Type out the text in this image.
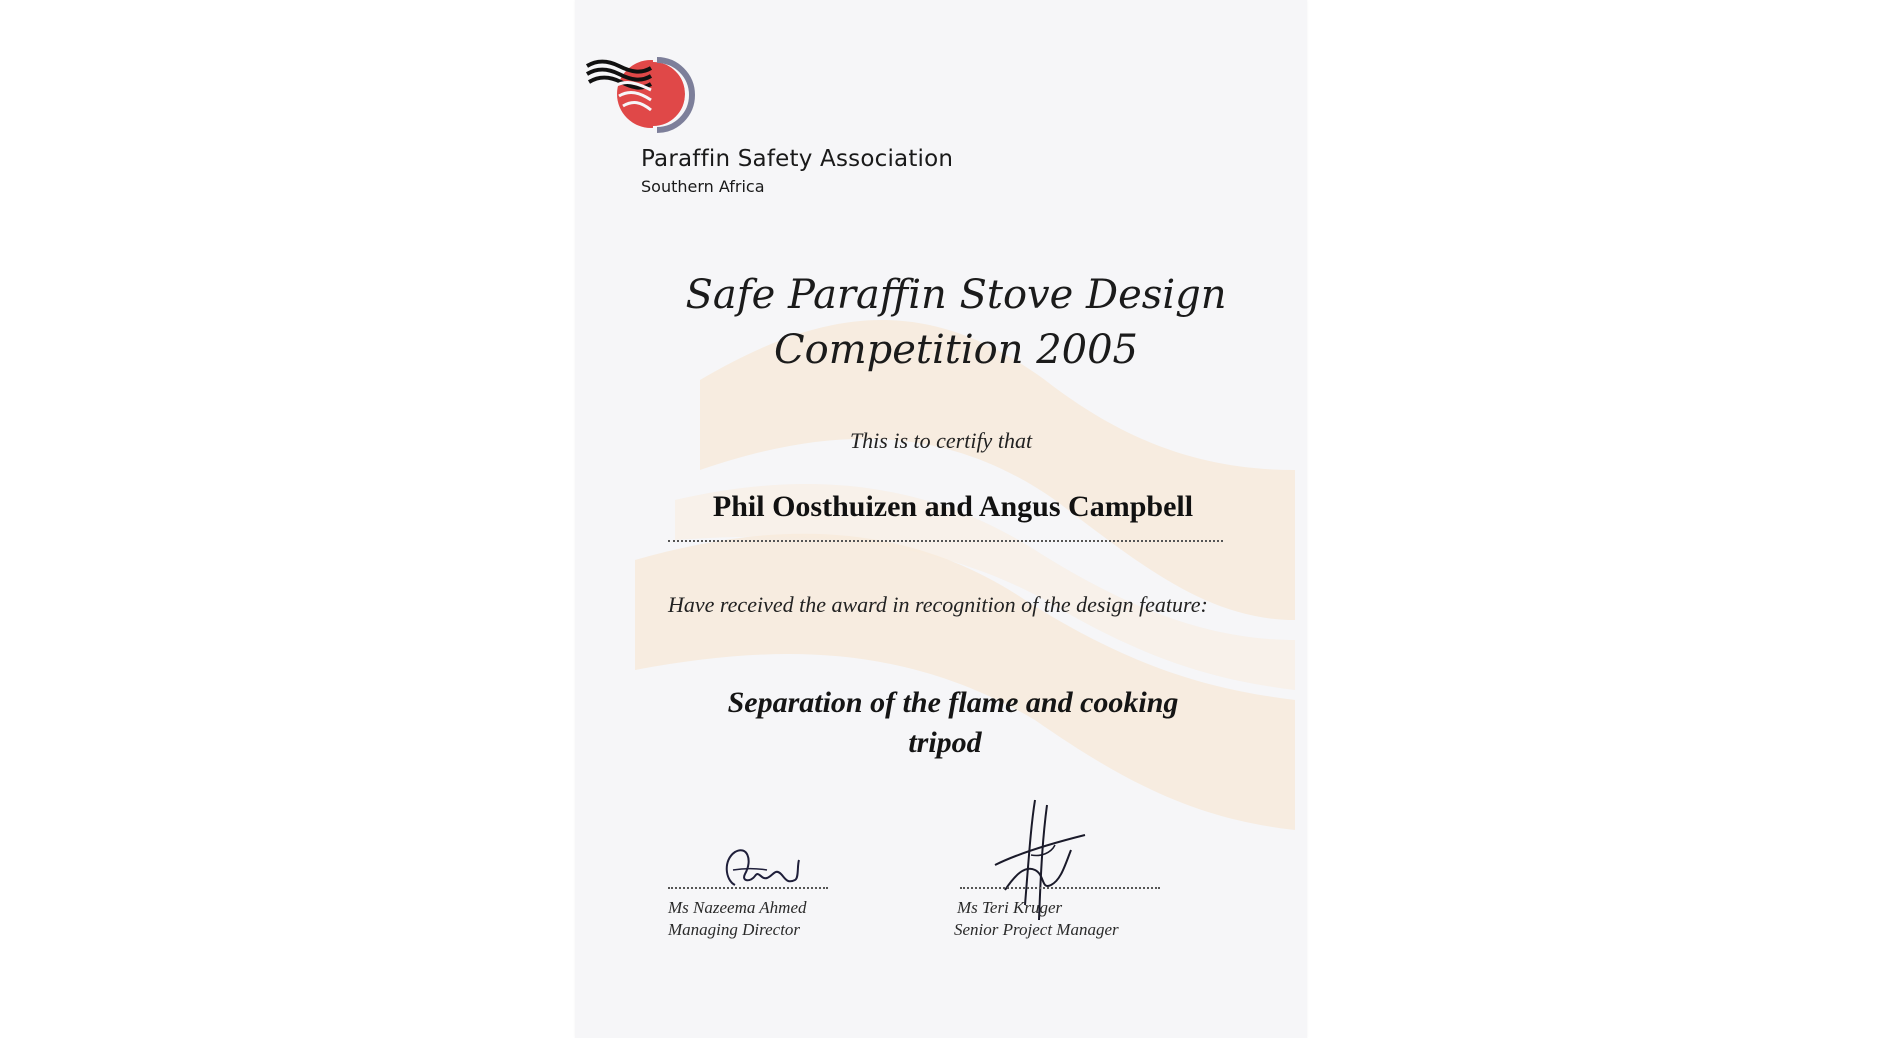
Paraffin Safety Association
Southern Africa
Safe Paraffin Stove Design
Competition 2005
This is to certify that
Phil Oosthuizen and Angus Campbell
Have received the award in recognition of the design feature:
Separation of the flame and cooking
tripod
Ms Nazeema Ahmed
Managing Director
Ms Teri Kruger
Senior Project Manager
